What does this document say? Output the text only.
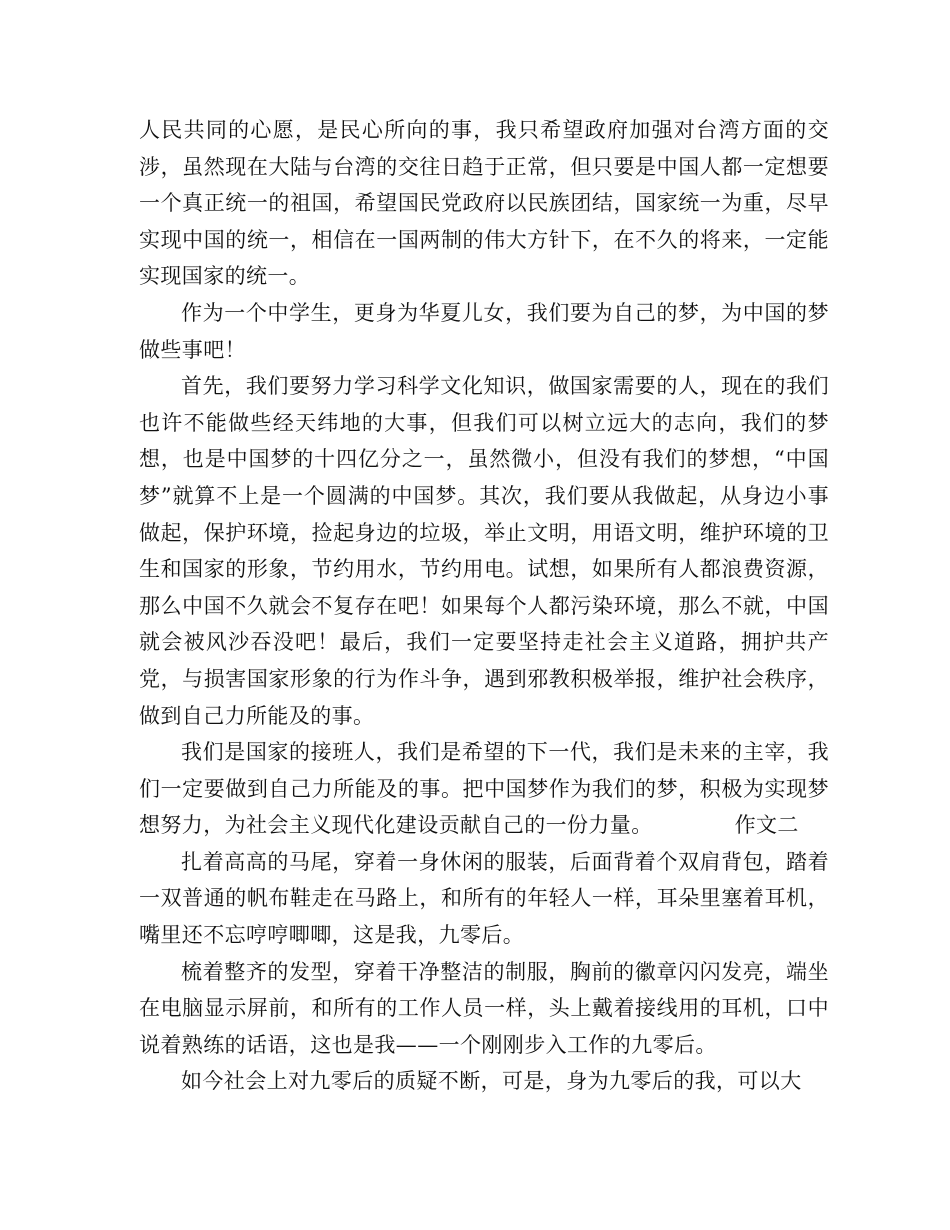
人民共同的心愿，是民心所向的事，我只希望政府加强对台湾方面的交涉，虽然现在大陆与台湾的交往日趋于正常，但只要是中国人都一定想要一个真正统一的祖国，希望国民党政府以民族团结，国家统一为重，尽早实现中国的统一，相信在一国两制的伟大方针下，在不久的将来，一定能实现国家的统一。

作为一个中学生，更身为华夏儿女，我们要为自己的梦，为中国的梦做些事吧！

首先，我们要努力学习科学文化知识，做国家需要的人，现在的我们也许不能做些经天纬地的大事，但我们可以树立远大的志向，我们的梦想，也是中国梦的十四亿分之一，虽然微小，但没有我们的梦想，“中国梦”就算不上是一个圆满的中国梦。其次，我们要从我做起，从身边小事做起，保护环境，捡起身边的垃圾，举止文明，用语文明，维护环境的卫生和国家的形象，节约用水，节约用电。试想，如果所有人都浪费资源，那么中国不久就会不复存在吧！如果每个人都污染环境，那么不就，中国就会被风沙吞没吧！最后，我们一定要坚持走社会主义道路，拥护共产党，与损害国家形象的行为作斗争，遇到邪教积极举报，维护社会秩序，做到自己力所能及的事。

我们是国家的接班人，我们是希望的下一代，我们是未来的主宰，我们一定要做到自己力所能及的事。把中国梦作为我们的梦，积极为实现梦想努力，为社会主义现代化建设贡献自己的一份力量。	作文二

扎着高高的马尾，穿着一身休闲的服装，后面背着个双肩背包，踏着一双普通的帆布鞋走在马路上，和所有的年轻人一样，耳朵里塞着耳机，嘴里还不忘哼哼唧唧，这是我，九零后。

梳着整齐的发型，穿着干净整洁的制服，胸前的徽章闪闪发亮，端坐在电脑显示屏前，和所有的工作人员一样，头上戴着接线用的耳机，口中说着熟练的话语，这也是我——一个刚刚步入工作的九零后。

如今社会上对九零后的质疑不断，可是，身为九零后的我，可以大
